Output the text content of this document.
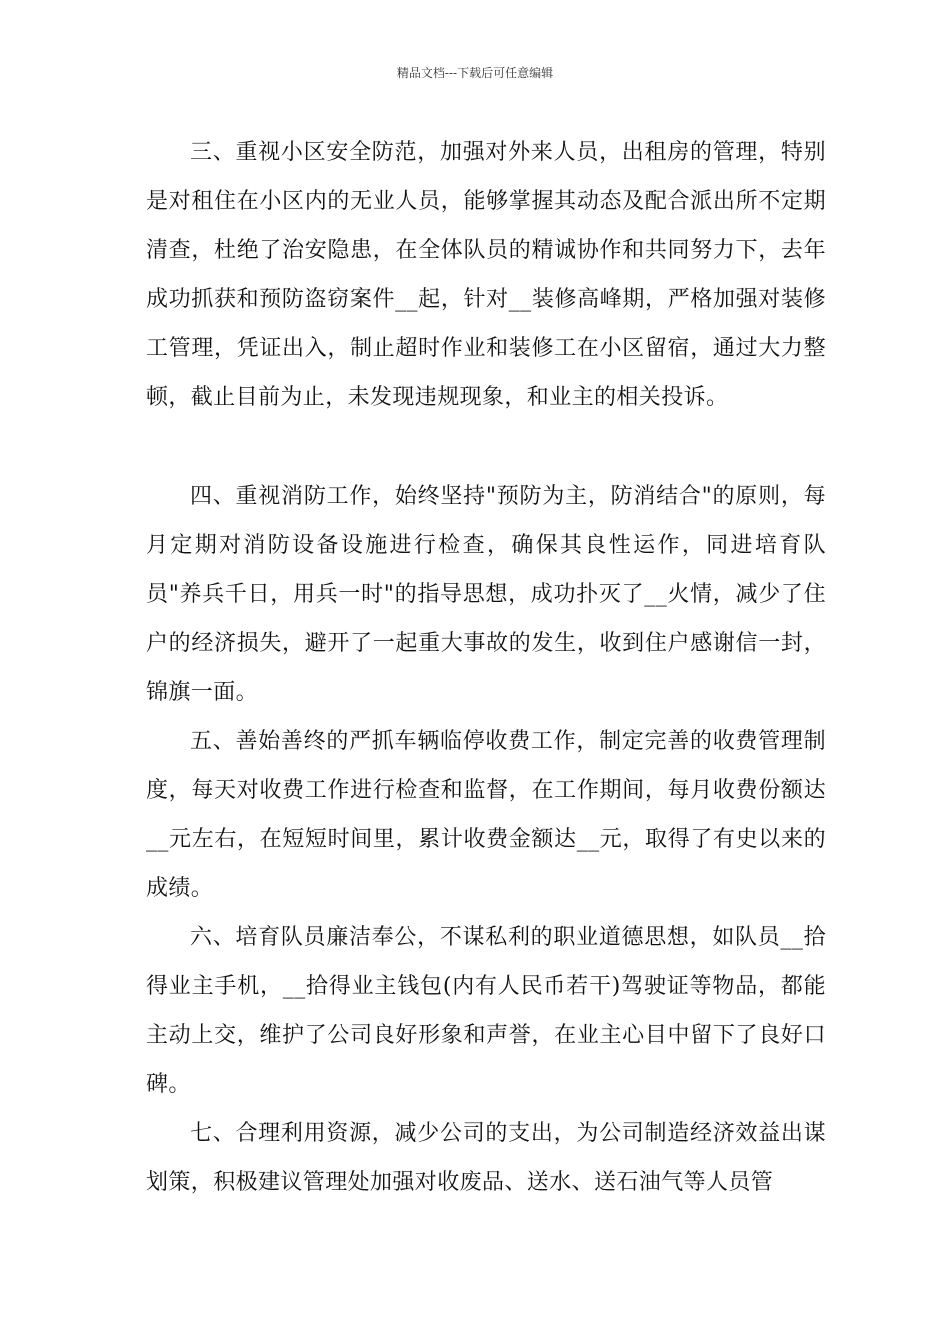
精品文档---下载后可任意编辑

三、重视小区安全防范，加强对外来人员，出租房的管理，特别是对租住在小区内的无业人员，能够掌握其动态及配合派出所不定期清查，杜绝了治安隐患，在全体队员的精诚协作和共同努力下，去年成功抓获和预防盗窃案件__起，针对__装修高峰期，严格加强对装修工管理，凭证出入，制止超时作业和装修工在小区留宿，通过大力整顿，截止目前为止，未发现违规现象，和业主的相关投诉。

四、重视消防工作，始终坚持"预防为主，防消结合"的原则，每月定期对消防设备设施进行检查，确保其良性运作，同进培育队员"养兵千日，用兵一时"的指导思想，成功扑灭了__火情，减少了住户的经济损失，避开了一起重大事故的发生，收到住户感谢信一封，锦旗一面。

五、善始善终的严抓车辆临停收费工作，制定完善的收费管理制度，每天对收费工作进行检查和监督，在工作期间，每月收费份额达__元左右，在短短时间里，累计收费金额达__元，取得了有史以来的成绩。

六、培育队员廉洁奉公，不谋私利的职业道德思想，如队员__拾得业主手机，__拾得业主钱包(内有人民币若干)驾驶证等物品，都能主动上交，维护了公司良好形象和声誉，在业主心目中留下了良好口碑。

七、合理利用资源，减少公司的支出，为公司制造经济效益出谋划策，积极建议管理处加强对收废品、送水、送石油气等人员管
